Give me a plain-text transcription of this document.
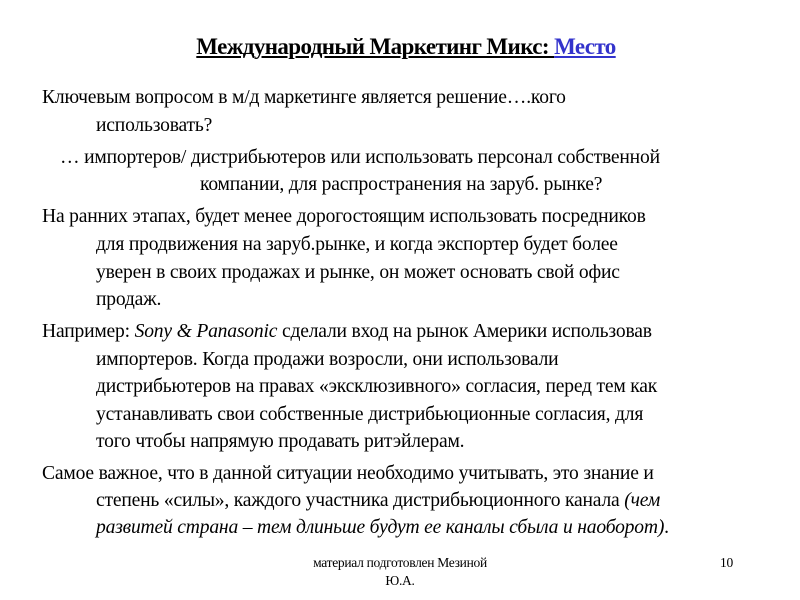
Международный Маркетинг Микс: Место
Ключевым вопросом в м/д маркетинге является решение….кого
использовать?
… импортеров/ дистрибьютеров или использовать персонал собственной
компании, для распространения на заруб. рынке?
На ранних этапах, будет менее дорогостоящим использовать посредников
для продвижения на заруб.рынке, и когда экспортер будет более
уверен в своих продажах и рынке, он может основать свой офис
продаж.
Например: Sony & Panasonic сделали вход на рынок Америки использовав
импортеров. Когда продажи возросли, они использовали
дистрибьютеров на правах «эксклюзивного» согласия, перед тем как
устанавливать свои собственные дистрибьюционные согласия, для
того чтобы напрямую продавать ритэйлерам.
Самое важное, что в данной ситуации необходимо учитывать, это знание и
степень «силы», каждого участника дистрибьюционного канала (чем
развитей страна – тем длиньше будут ее каналы сбыла и наоборот).
материал подготовлен Мезиной
Ю.А.
10
